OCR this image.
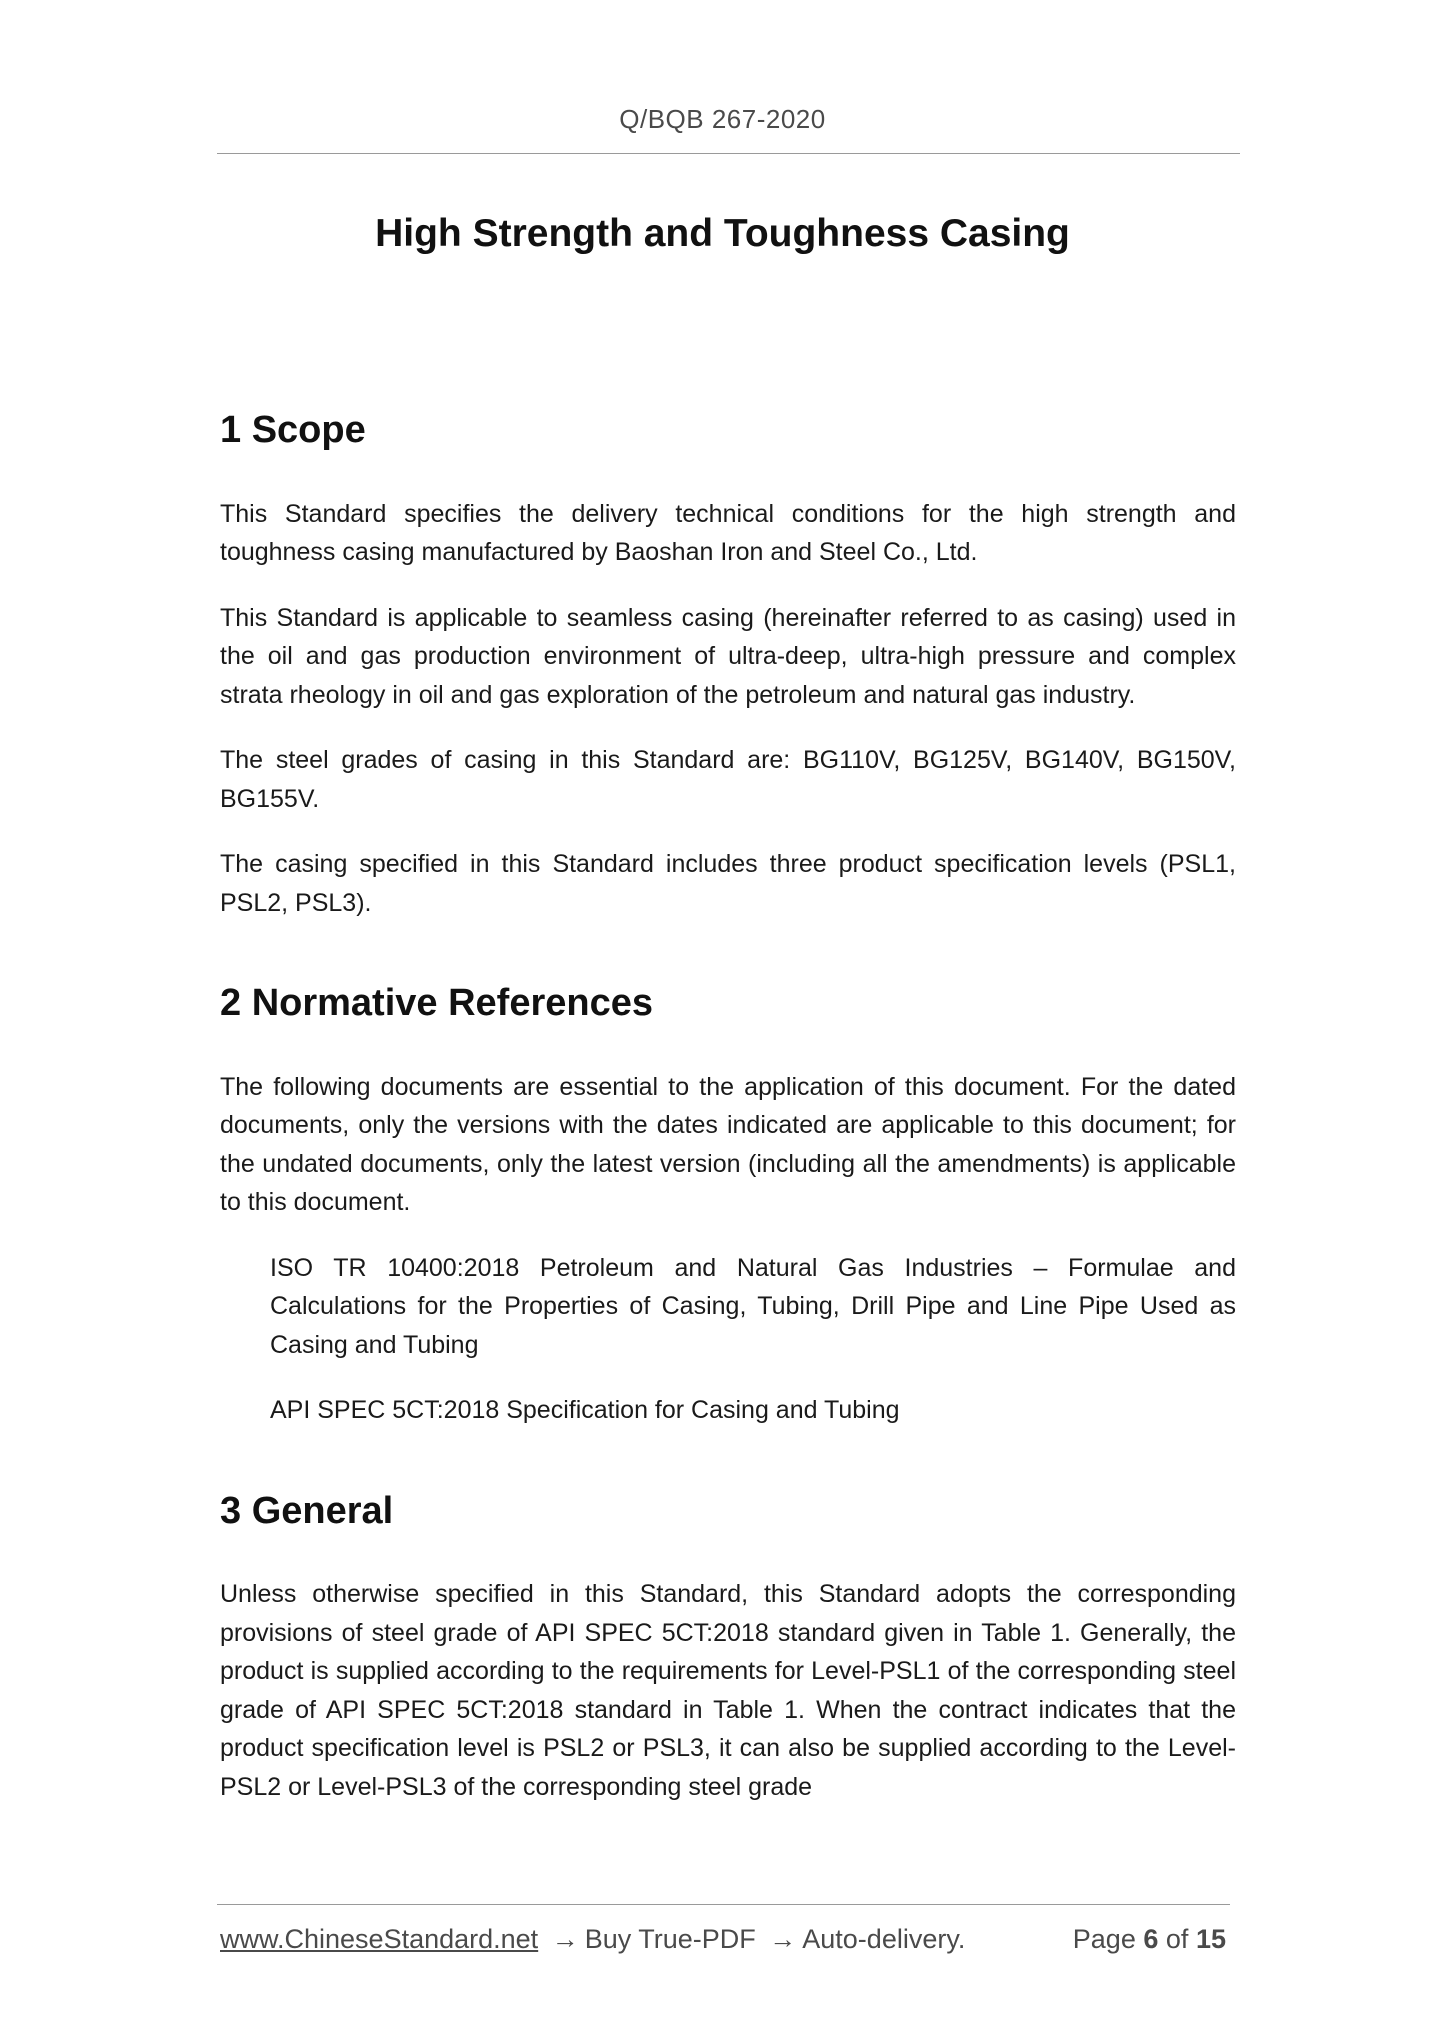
Q/BQB 267-2020
High Strength and Toughness Casing
1 Scope

This Standard specifies the delivery technical conditions for the high strength and toughness casing manufactured by Baoshan Iron and Steel Co., Ltd.

This Standard is applicable to seamless casing (hereinafter referred to as casing) used in the oil and gas production environment of ultra-deep, ultra-high pressure and complex strata rheology in oil and gas exploration of the petroleum and natural gas industry.

The steel grades of casing in this Standard are: BG110V, BG125V, BG140V, BG150V, BG155V.

The casing specified in this Standard includes three product specification levels (PSL1, PSL2, PSL3).

2 Normative References

The following documents are essential to the application of this document. For the dated documents, only the versions with the dates indicated are applicable to this document; for the undated documents, only the latest version (including all the amendments) is applicable to this document.

ISO TR 10400:2018 Petroleum and Natural Gas Industries – Formulae and Calculations for the Properties of Casing, Tubing, Drill Pipe and Line Pipe Used as Casing and Tubing

API SPEC 5CT:2018 Specification for Casing and Tubing

3 General

Unless otherwise specified in this Standard, this Standard adopts the corresponding provisions of steel grade of API SPEC 5CT:2018 standard given in Table 1. Generally, the product is supplied according to the requirements for Level-PSL1 of the corresponding steel grade of API SPEC 5CT:2018 standard in Table 1. When the contract indicates that the product specification level is PSL2 or PSL3, it can also be supplied according to the Level-PSL2 or Level-PSL3 of the corresponding steel grade

www.ChineseStandard.net → Buy True-PDF → Auto-delivery.	Page 6 of 15
